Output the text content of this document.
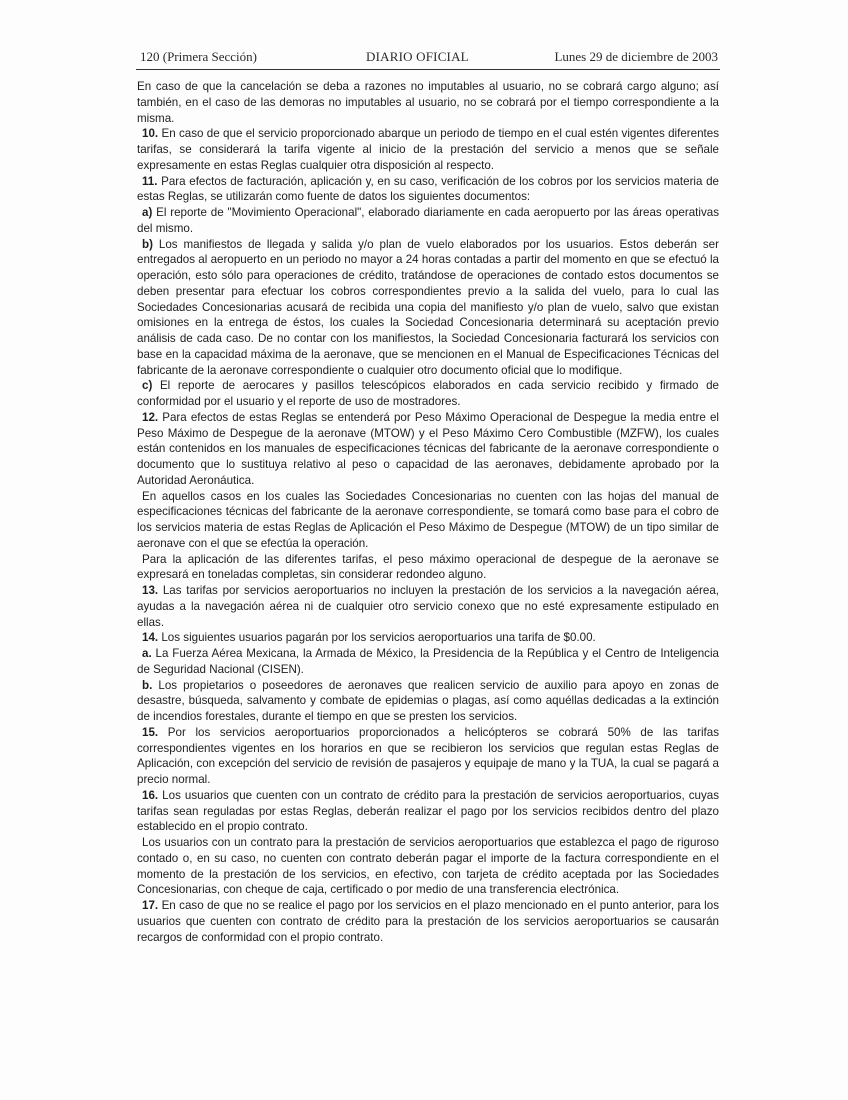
120 (Primera Sección)	DIARIO OFICIAL	Lunes 29 de diciembre de 2003

En caso de que la cancelación se deba a razones no imputables al usuario, no se cobrará cargo alguno; así también, en el caso de las demoras no imputables al usuario, no se cobrará por el tiempo correspondiente a la misma.

10. En caso de que el servicio proporcionado abarque un periodo de tiempo en el cual estén vigentes diferentes tarifas, se considerará la tarifa vigente al inicio de la prestación del servicio a menos que se señale expresamente en estas Reglas cualquier otra disposición al respecto.

11. Para efectos de facturación, aplicación y, en su caso, verificación de los cobros por los servicios materia de estas Reglas, se utilizarán como fuente de datos los siguientes documentos:

a) El reporte de "Movimiento Operacional", elaborado diariamente en cada aeropuerto por las áreas operativas del mismo.

b) Los manifiestos de llegada y salida y/o plan de vuelo elaborados por los usuarios. Estos deberán ser entregados al aeropuerto en un periodo no mayor a 24 horas contadas a partir del momento en que se efectuó la operación, esto sólo para operaciones de crédito, tratándose de operaciones de contado estos documentos se deben presentar para efectuar los cobros correspondientes previo a la salida del vuelo, para lo cual las Sociedades Concesionarias acusará de recibida una copia del manifiesto y/o plan de vuelo, salvo que existan omisiones en la entrega de éstos, los cuales la Sociedad Concesionaria determinará su aceptación previo análisis de cada caso. De no contar con los manifiestos, la Sociedad Concesionaria facturará los servicios con base en la capacidad máxima de la aeronave, que se mencionen en el Manual de Especificaciones Técnicas del fabricante de la aeronave correspondiente o cualquier otro documento oficial que lo modifique.

c) El reporte de aerocares y pasillos telescópicos elaborados en cada servicio recibido y firmado de conformidad por el usuario y el reporte de uso de mostradores.

12. Para efectos de estas Reglas se entenderá por Peso Máximo Operacional de Despegue la media entre el Peso Máximo de Despegue de la aeronave (MTOW) y el Peso Máximo Cero Combustible (MZFW), los cuales están contenidos en los manuales de especificaciones técnicas del fabricante de la aeronave correspondiente o documento que lo sustituya relativo al peso o capacidad de las aeronaves, debidamente aprobado por la Autoridad Aeronáutica.

En aquellos casos en los cuales las Sociedades Concesionarias no cuenten con las hojas del manual de especificaciones técnicas del fabricante de la aeronave correspondiente, se tomará como base para el cobro de los servicios materia de estas Reglas de Aplicación el Peso Máximo de Despegue (MTOW) de un tipo similar de aeronave con el que se efectúa la operación.

Para la aplicación de las diferentes tarifas, el peso máximo operacional de despegue de la aeronave se expresará en toneladas completas, sin considerar redondeo alguno.

13. Las tarifas por servicios aeroportuarios no incluyen la prestación de los servicios a la navegación aérea, ayudas a la navegación aérea ni de cualquier otro servicio conexo que no esté expresamente estipulado en ellas.

14. Los siguientes usuarios pagarán por los servicios aeroportuarios una tarifa de $0.00.

a. La Fuerza Aérea Mexicana, la Armada de México, la Presidencia de la República y el Centro de Inteligencia de Seguridad Nacional (CISEN).

b. Los propietarios o poseedores de aeronaves que realicen servicio de auxilio para apoyo en zonas de desastre, búsqueda, salvamento y combate de epidemias o plagas, así como aquéllas dedicadas a la extinción de incendios forestales, durante el tiempo en que se presten los servicios.

15. Por los servicios aeroportuarios proporcionados a helicópteros se cobrará 50% de las tarifas correspondientes vigentes en los horarios en que se recibieron los servicios que regulan estas Reglas de Aplicación, con excepción del servicio de revisión de pasajeros y equipaje de mano y la TUA, la cual se pagará a precio normal.

16. Los usuarios que cuenten con un contrato de crédito para la prestación de servicios aeroportuarios, cuyas tarifas sean reguladas por estas Reglas, deberán realizar el pago por los servicios recibidos dentro del plazo establecido en el propio contrato.

Los usuarios con un contrato para la prestación de servicios aeroportuarios que establezca el pago de riguroso contado o, en su caso, no cuenten con contrato deberán pagar el importe de la factura correspondiente en el momento de la prestación de los servicios, en efectivo, con tarjeta de crédito aceptada por las Sociedades Concesionarias, con cheque de caja, certificado o por medio de una transferencia electrónica.

17. En caso de que no se realice el pago por los servicios en el plazo mencionado en el punto anterior, para los usuarios que cuenten con contrato de crédito para la prestación de los servicios aeroportuarios se causarán recargos de conformidad con el propio contrato.
